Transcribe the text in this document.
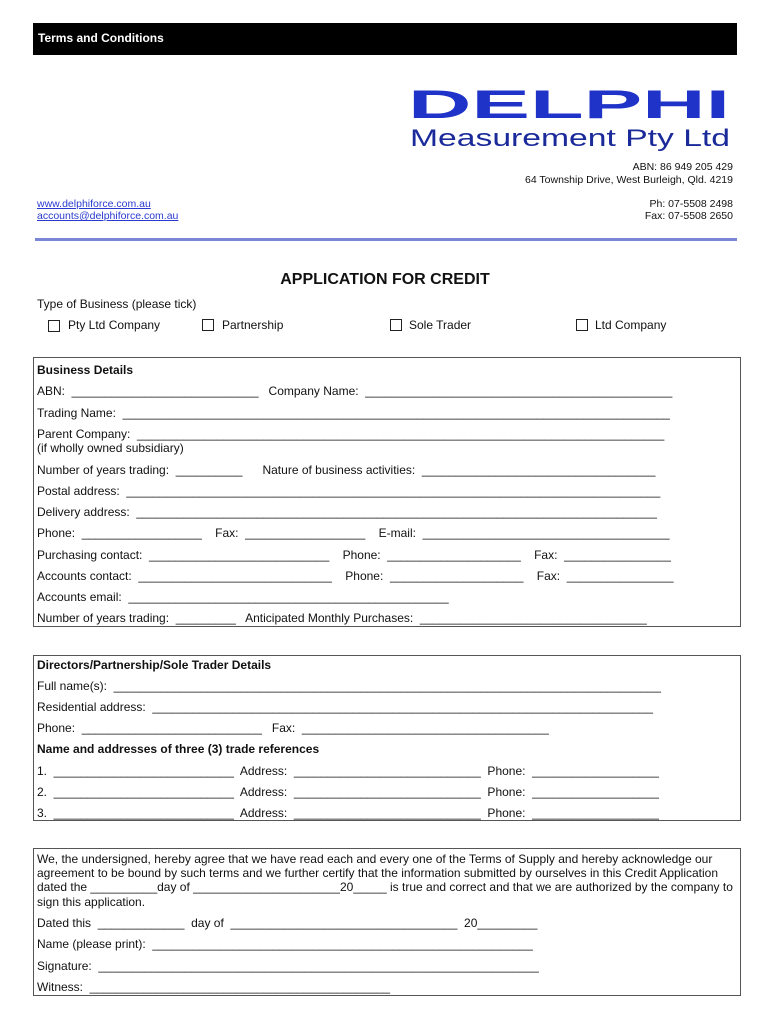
Terms and Conditions
DELPHI
Measurement Pty Ltd
ABN: 86 949 205 429
64 Township Drive, West Burleigh, Qld. 4219
www.delphiforce.com.au
accounts@delphiforce.com.au
Ph: 07-5508 2498
Fax: 07-5508 2650
APPLICATION FOR CREDIT
Type of Business (please tick)
Pty Ltd Company	Partnership	Sole Trader	Ltd Company
Business Details
ABN:  ____________________________   Company Name:  ______________________________________________
Trading Name:  __________________________________________________________________________________
Parent Company:  _______________________________________________________________________________
(if wholly owned subsidiary)
Number of years trading:  __________      Nature of business activities:  ___________________________________
Postal address:  ________________________________________________________________________________
Delivery address:  ______________________________________________________________________________
Phone:  __________________    Fax:  __________________    E-mail:  _____________________________________
Purchasing contact:  ___________________________    Phone:  ____________________    Fax:  ________________
Accounts contact:  _____________________________    Phone:  ____________________    Fax:  ________________
Accounts email:  ________________________________________________
Number of years trading:  _________   Anticipated Monthly Purchases:  __________________________________
Directors/Partnership/Sole Trader Details
Full name(s):  __________________________________________________________________________________
Residential address:  ___________________________________________________________________________
Phone:  ___________________________   Fax:  _____________________________________
Name and addresses of three (3) trade references
1.  ___________________________  Address:  ____________________________  Phone:  ___________________
2.  ___________________________  Address:  ____________________________  Phone:  ___________________
3.  ___________________________  Address:  ____________________________  Phone:  ___________________
We, the undersigned, hereby agree that we have read each and every one of the Terms of Supply and hereby acknowledge our agreement to be bound by such terms and we further certify that the information submitted by ourselves in this Credit Application dated the __________day of ______________________20_____ is true and correct and that we are authorized by the company to sign this application.
Dated this  _____________  day of  __________________________________  20_________
Name (please print):  _________________________________________________________
Signature:  __________________________________________________________________
Witness:  _____________________________________________
